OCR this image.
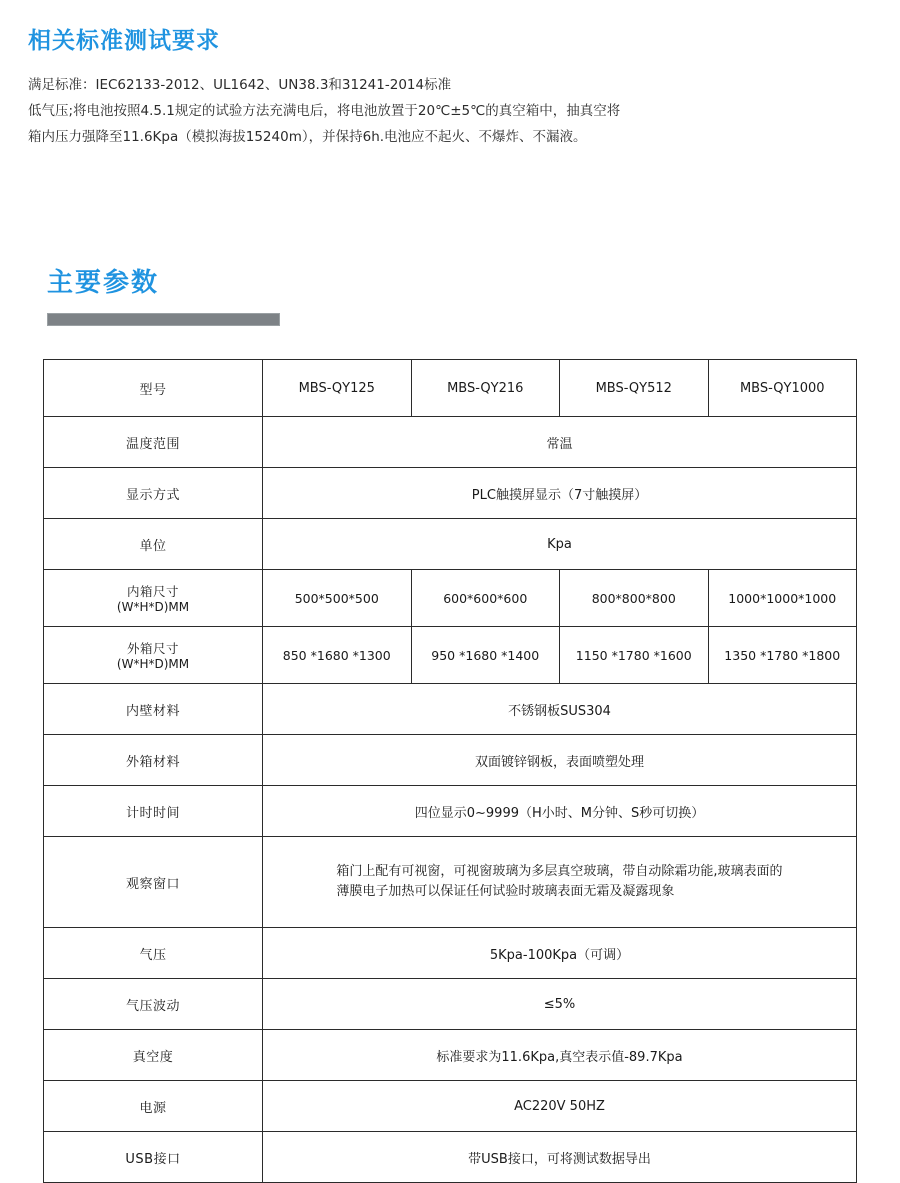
相关标准测试要求
满足标准：IEC62133-2012、UL1642、UN38.3和31241-2014标准
低气压;将电池按照4.5.1规定的试验方法充满电后，将电池放置于20℃±5℃的真空箱中，抽真空将
箱内压力强降至11.6Kpa（模拟海拔15240m），并保持6h.电池应不起火、不爆炸、不漏液。
主要参数
型号	MBS-QY125	MBS-QY216	MBS-QY512	MBS-QY1000
温度范围	常温			
显示方式	PLC触摸屏显示（7寸触摸屏）			
单位	Kpa			
内箱尺寸
(W*H*D)MM	500*500*500	600*600*600	800*800*800	1000*1000*1000
外箱尺寸
(W*H*D)MM	850 *1680 *1300	950 *1680 *1400	1150 *1780 *1600	1350 *1780 *1800
内壁材料	不锈钢板SUS304			
外箱材料	双面镀锌钢板，表面喷塑处理			
计时时间	四位显示0~9999（H小时、M分钟、S秒可切换）			
观察窗口	箱门上配有可视窗，可视窗玻璃为多层真空玻璃，带自动除霜功能,玻璃表面的
薄膜电子加热可以保证任何试验时玻璃表面无霜及凝露现象			
气压	5Kpa-100Kpa（可调）			
气压波动	≤5%			
真空度	标准要求为11.6Kpa,真空表示值-89.7Kpa			
电源	AC220V 50HZ			
USB接口	带USB接口，可将测试数据导出			
